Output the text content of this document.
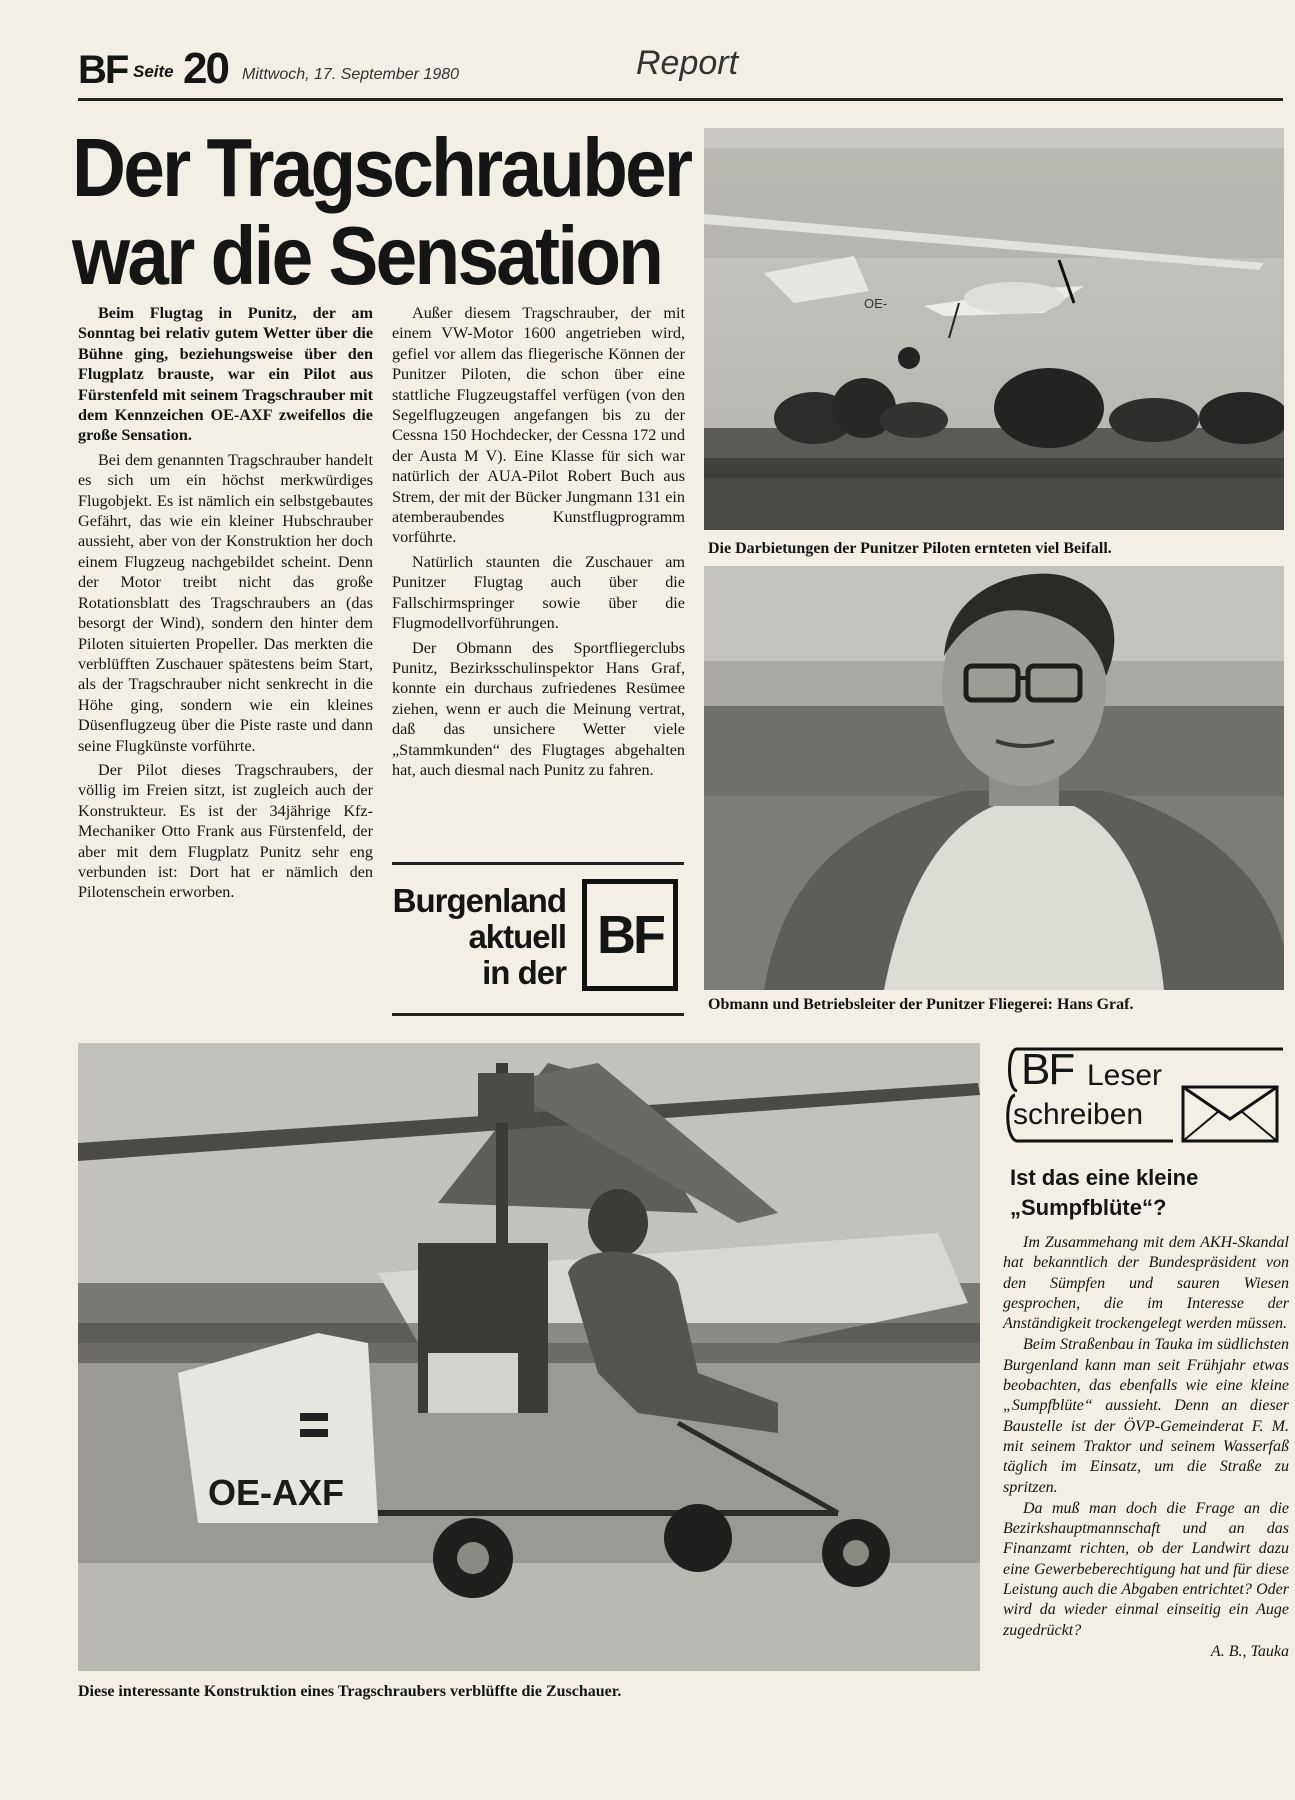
BF Seite 20 Mittwoch, 17. September 1980	Report
Der Tragschrauber
war die Sensation

Beim Flugtag in Punitz, der am Sonntag bei relativ gutem Wetter über die Bühne ging, beziehungsweise über den Flugplatz brauste, war ein Pilot aus Fürstenfeld mit seinem Tragschrauber mit dem Kennzeichen OE-AXF zweifellos die große Sensation.

Bei dem genannten Tragschrauber handelt es sich um ein höchst merkwürdiges Flugobjekt. Es ist nämlich ein selbstgebautes Gefährt, das wie ein kleiner Hubschrauber aussieht, aber von der Konstruktion her doch einem Flugzeug nachgebildet scheint. Denn der Motor treibt nicht das große Rotationsblatt des Tragschraubers an (das besorgt der Wind), sondern den hinter dem Piloten situierten Propeller. Das merkten die verblüfften Zuschauer spätestens beim Start, als der Tragschrauber nicht senkrecht in die Höhe ging, sondern wie ein kleines Düsenflugzeug über die Piste raste und dann seine Flugkünste vorführte.

Der Pilot dieses Tragschraubers, der völlig im Freien sitzt, ist zugleich auch der Konstrukteur. Es ist der 34jährige Kfz-Mechaniker Otto Frank aus Fürstenfeld, der aber mit dem Flugplatz Punitz sehr eng verbunden ist: Dort hat er nämlich den Pilotenschein erworben.

Außer diesem Tragschrauber, der mit einem VW-Motor 1600 angetrieben wird, gefiel vor allem das fliegerische Können der Punitzer Piloten, die schon über eine stattliche Flugzeugstaffel verfügen (von den Segelflugzeugen angefangen bis zu der Cessna 150 Hochdecker, der Cessna 172 und der Austa M V). Eine Klasse für sich war natürlich der AUA-Pilot Robert Buch aus Strem, der mit der Bücker Jungmann 131 ein atemberaubendes Kunstflugprogramm vorführte.

Natürlich staunten die Zuschauer am Punitzer Flugtag auch über die Fallschirmspringer sowie über die Flugmodellvorführungen.

Der Obmann des Sportfliegerclubs Punitz, Bezirksschulinspektor Hans Graf, konnte ein durchaus zufriedenes Resümee ziehen, wenn er auch die Meinung vertrat, daß das unsichere Wetter viele „Stammkunden“ des Flugtages abgehalten hat, auch diesmal nach Punitz zu fahren.

Burgenland
aktuell
in der
BF
OE-
Die Darbietungen der Punitzer Piloten ernteten viel Beifall.
Obmann und Betriebsleiter der Punitzer Fliegerei: Hans Graf.
OE-AXF
Diese interessante Konstruktion eines Tragschraubers verblüffte die Zuschauer.
BF Leser
schreiben
Ist das eine kleine
„Sumpfblüte“?

Im Zusammehang mit dem AKH-Skandal hat bekanntlich der Bundespräsident von den Sümpfen und sauren Wiesen gesprochen, die im Interesse der Anständigkeit trockengelegt werden müssen.

Beim Straßenbau in Tauka im südlichsten Burgenland kann man seit Frühjahr etwas beobachten, das ebenfalls wie eine kleine „Sumpfblüte“ aussieht. Denn an dieser Baustelle ist der ÖVP-Gemeinderat F. M. mit seinem Traktor und seinem Wasserfaß täglich im Einsatz, um die Straße zu spritzen.

Da muß man doch die Frage an die Bezirkshauptmannschaft und an das Finanzamt richten, ob der Landwirt dazu eine Gewerbeberechtigung hat und für diese Leistung auch die Abgaben entrichtet? Oder wird da wieder einmal einseitig ein Auge zugedrückt?

A. B., Tauka
